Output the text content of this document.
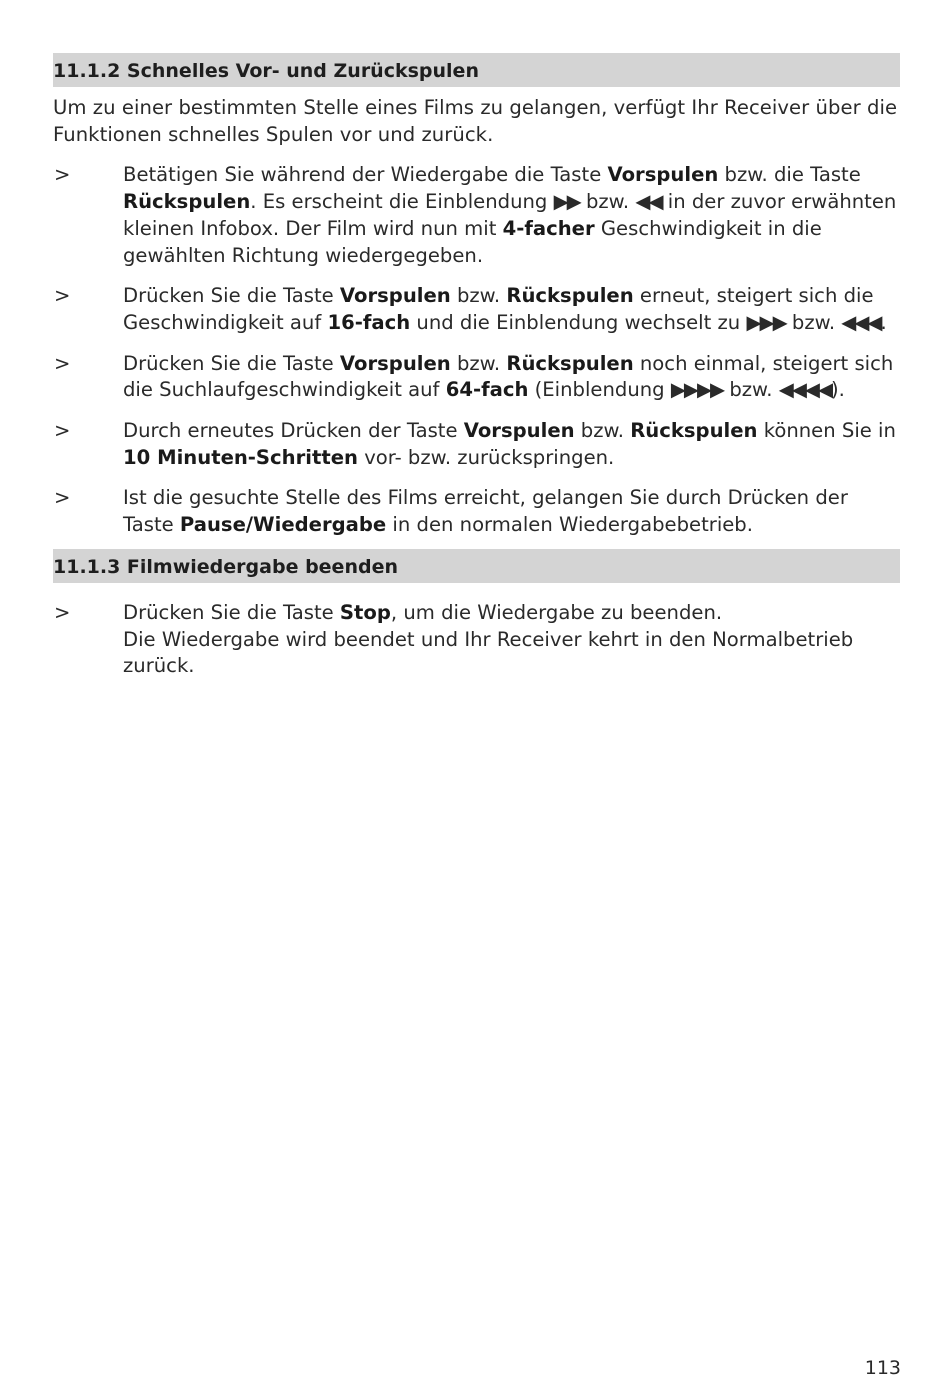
11.1.2 Schnelles Vor- und Zurückspulen

Um zu einer bestimmten Stelle eines Films zu gelangen, verfügt Ihr Receiver über die Funktionen schnelles Spulen vor und zurück.

>	Betätigen Sie während der Wiedergabe die Taste Vorspulen bzw. die Taste Rückspulen. Es erscheint die Einblendung ▶▶ bzw. ◀◀ in der zuvor erwähnten kleinen Infobox. Der Film wird nun mit 4-facher Geschwindigkeit in die gewählten Richtung wiedergegeben.
>	Drücken Sie die Taste Vorspulen bzw. Rückspulen erneut, steigert sich die Geschwindigkeit auf 16-fach und die Einblendung wechselt zu ▶▶▶ bzw. ◀◀◀.
>	Drücken Sie die Taste Vorspulen bzw. Rückspulen noch einmal, steigert sich die Suchlaufgeschwindigkeit auf 64-fach (Einblendung ▶▶▶▶ bzw. ◀◀◀◀).
>	Durch erneutes Drücken der Taste Vorspulen bzw. Rückspulen können Sie in 10 Minuten-Schritten vor- bzw. zurückspringen.
>	Ist die gesuchte Stelle des Films erreicht, gelangen Sie durch Drücken der Taste Pause/Wiedergabe in den normalen Wiedergabebetrieb.
11.1.3 Filmwiedergabe beenden
>	Drücken Sie die Taste Stop, um die Wiedergabe zu beenden.
Die Wiedergabe wird beendet und Ihr Receiver kehrt in den Normalbetrieb zurück.
113
